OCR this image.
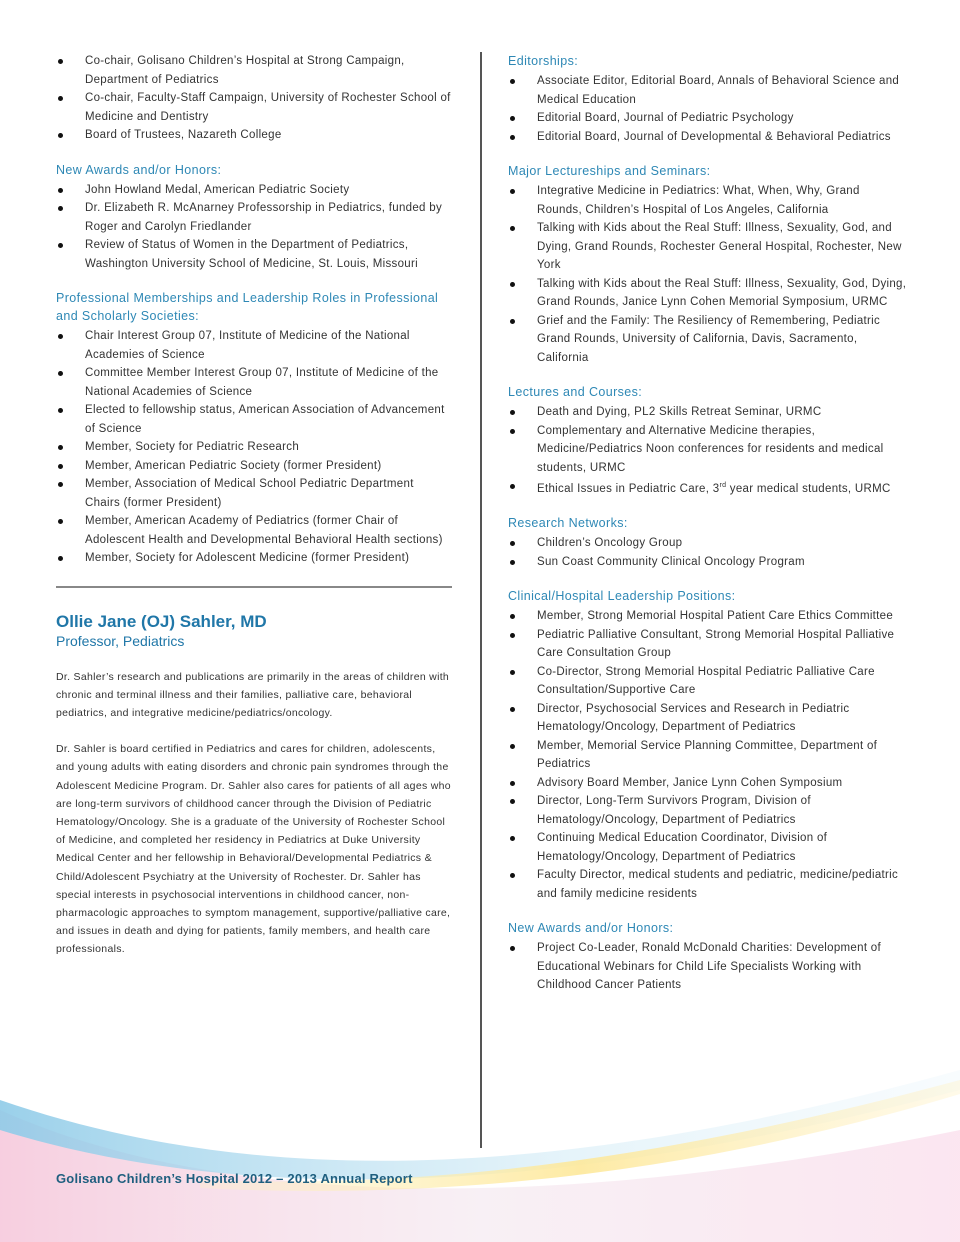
Co-chair, Golisano Children’s Hospital at Strong Campaign, Department of Pediatrics
Co-chair, Faculty-Staff Campaign, University of Rochester School of Medicine and Dentistry
Board of Trustees, Nazareth College
New Awards and/or Honors:
John Howland Medal, American Pediatric Society
Dr. Elizabeth R. McAnarney Professorship in Pediatrics, funded by Roger and Carolyn Friedlander
Review of Status of Women in the Department of Pediatrics, Washington University School of Medicine, St. Louis, Missouri
Professional Memberships and Leadership Roles in Professional and Scholarly Societies:
Chair Interest Group 07, Institute of Medicine of the National Academies of Science
Committee Member Interest Group 07, Institute of Medicine of the National Academies of Science
Elected to fellowship status, American Association of Advancement of Science
Member, Society for Pediatric Research
Member, American Pediatric Society (former President)
Member, Association of Medical School Pediatric Department Chairs (former President)
Member, American Academy of Pediatrics (former Chair of Adolescent Health and Developmental Behavioral Health sections)
Member, Society for Adolescent Medicine (former President)
Ollie Jane (OJ) Sahler, MD
Professor, Pediatrics

Dr. Sahler’s research and publications are primarily in the areas of children with chronic and terminal illness and their families, palliative care, behavioral pediatrics, and integrative medicine/pediatrics/oncology.

Dr. Sahler is board certified in Pediatrics and cares for children, adolescents, and young adults with eating disorders and chronic pain syndromes through the Adolescent Medicine Program. Dr. Sahler also cares for patients of all ages who are long-term survivors of childhood cancer through the Division of Pediatric Hematology/Oncology. She is a graduate of the University of Rochester School of Medicine, and completed her residency in Pediatrics at Duke University Medical Center and her fellowship in Behavioral/Developmental Pediatrics & Child/Adolescent Psychiatry at the University of Rochester. Dr. Sahler has special interests in psychosocial interventions in childhood cancer, non-pharmacologic approaches to symptom management, supportive/palliative care, and issues in death and dying for patients, family members, and health care professionals.

Editorships:
Associate Editor, Editorial Board, Annals of Behavioral Science and Medical Education
Editorial Board, Journal of Pediatric Psychology
Editorial Board, Journal of Developmental & Behavioral Pediatrics
Major Lectureships and Seminars:
Integrative Medicine in Pediatrics: What, When, Why, Grand Rounds, Children’s Hospital of Los Angeles, California
Talking with Kids about the Real Stuff: Illness, Sexuality, God, and Dying, Grand Rounds, Rochester General Hospital, Rochester, New York
Talking with Kids about the Real Stuff: Illness, Sexuality, God, Dying, Grand Rounds, Janice Lynn Cohen Memorial Symposium, URMC
Grief and the Family: The Resiliency of Remembering, Pediatric Grand Rounds, University of California, Davis, Sacramento, California
Lectures and Courses:
Death and Dying, PL2 Skills Retreat Seminar, URMC
Complementary and Alternative Medicine therapies, Medicine/Pediatrics Noon conferences for residents and medical students, URMC
Ethical Issues in Pediatric Care, 3rd year medical students, URMC
Research Networks:
Children’s Oncology Group
Sun Coast Community Clinical Oncology Program
Clinical/Hospital Leadership Positions:
Member, Strong Memorial Hospital Patient Care Ethics Committee
Pediatric Palliative Consultant, Strong Memorial Hospital Palliative Care Consultation Group
Co-Director, Strong Memorial Hospital Pediatric Palliative Care Consultation/Supportive Care
Director, Psychosocial Services and Research in Pediatric Hematology/Oncology, Department of Pediatrics
Member, Memorial Service Planning Committee, Department of Pediatrics
Advisory Board Member, Janice Lynn Cohen Symposium
Director, Long-Term Survivors Program, Division of Hematology/Oncology, Department of Pediatrics
Continuing Medical Education Coordinator, Division of Hematology/Oncology, Department of Pediatrics
Faculty Director, medical students and pediatric, medicine/pediatric and family medicine residents
New Awards and/or Honors:
Project Co-Leader, Ronald McDonald Charities: Development of Educational Webinars for Child Life Specialists Working with Childhood Cancer Patients
Golisano Children’s Hospital 2012 – 2013 Annual Report
